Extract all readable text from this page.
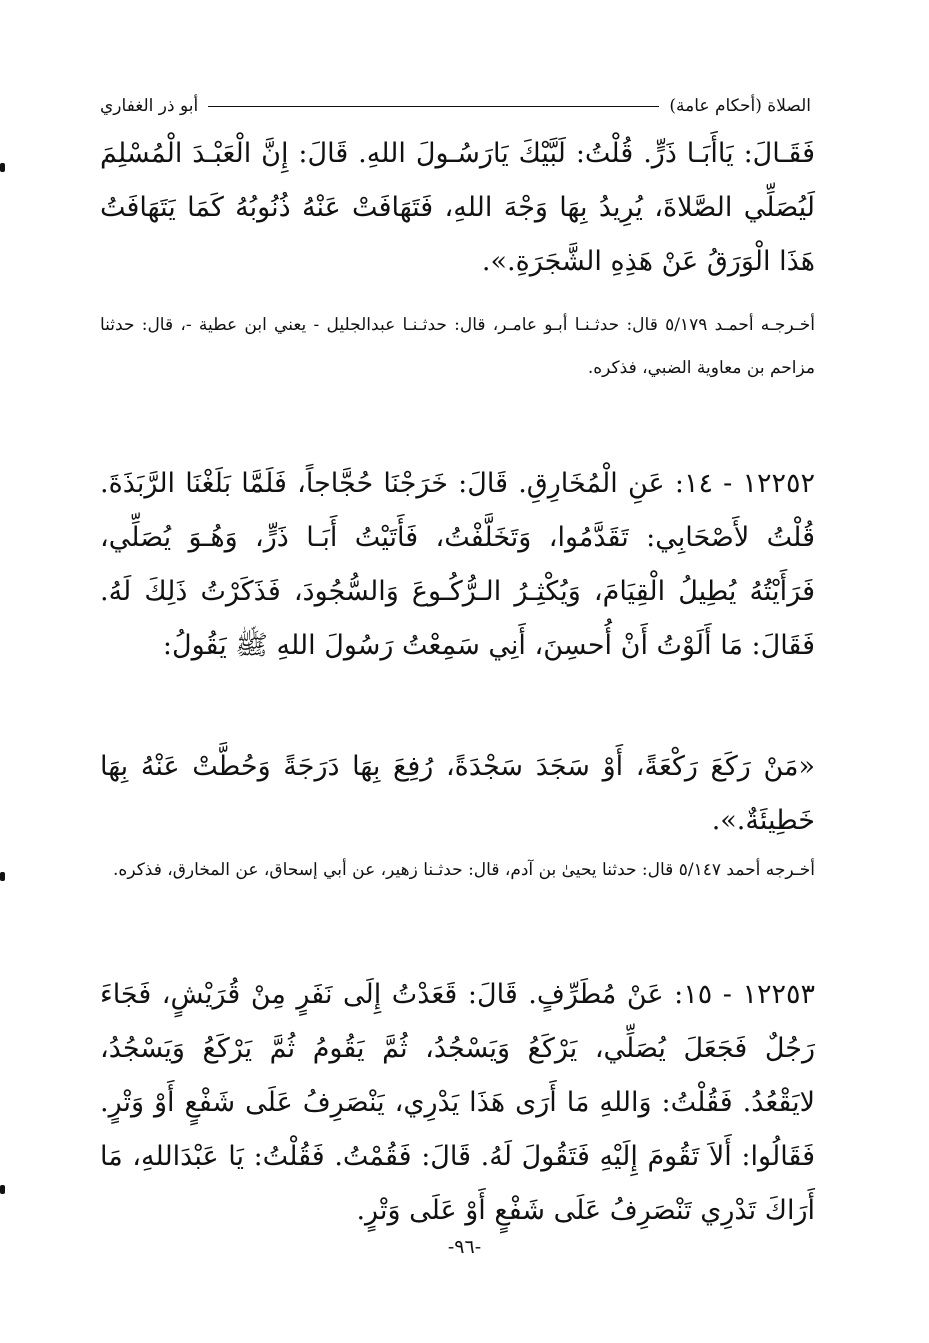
الصلاة (أحكام عامة)
أبو ذر الغفاري

فَقَـالَ: يَاأَبَـا ذَرٍّ. قُلْتُ: لَبَّيْكَ يَارَسُـولَ اللهِ. قَالَ: إِنَّ الْعَبْـدَ الْمُسْلِمَ لَيُصَلِّي الصَّلاةَ، يُرِيدُ بِهَا وَجْهَ اللهِ، فَتَهَافَتْ عَنْهُ ذُنُوبُهُ كَمَا يَتَهَافَتُ هَذَا الْوَرَقُ عَنْ هَذِهِ الشَّجَرَةِ.».

أخـرجـه أحمـد ٥/١٧٩ قال: حدثـنـا أبـو عامـر، قال: حدثـنـا عبدالجليل - يعني ابن عطية -، قال: حدثنا مزاحم بن معاوية الضبي، فذكره.

١٢٢٥٢ - ١٤: عَنِ الْمُخَارِقِ. قَالَ: خَرَجْنَا حُجَّاجاً، فَلَمَّا بَلَغْنَا الرَّبَذَةَ. قُلْتُ لأَصْحَابِي: تَقَدَّمُوا، وَتَخَلَّفْتُ، فَأَتَيْتُ أَبَـا ذَرٍّ، وَهُـوَ يُصَلِّي، فَرَأَيْتُهُ يُطِيلُ الْقِيَامَ، وَيُكْثِـرُ الـرُّكُـوعَ وَالسُّجُودَ، فَذَكَرْتُ ذَلِكَ لَهُ. فَقَالَ: مَا أَلَوْتُ أَنْ أُحسِنَ، أَنِي سَمِعْتُ رَسُولَ اللهِ ﷺ يَقُولُ:

«مَنْ رَكَعَ رَكْعَةً، أَوْ سَجَدَ سَجْدَةً، رُفِعَ بِهَا دَرَجَةً وَحُطَّتْ عَنْهُ بِهَا خَطِيئَةٌ.».

أخـرجه أحمد ٥/١٤٧ قال: حدثنا يحيىٰ بن آدم، قال: حدثـنا زهير، عن أبي إسحاق، عن المخارق، فذكره.

١٢٢٥٣ - ١٥: عَنْ مُطَرِّفٍ. قَالَ: قَعَدْتُ إِلَى نَفَرٍ مِنْ قُرَيْشٍ، فَجَاءَ رَجُلٌ فَجَعَلَ يُصَلِّي، يَرْكَعُ وَيَسْجُدُ، ثُمَّ يَقُومُ ثُمَّ يَرْكَعُ وَيَسْجُدُ، لايَقْعُدُ. فَقُلْتُ: وَاللهِ مَا أَرَى هَذَا يَدْرِي، يَنْصَرِفُ عَلَى شَفْعٍ أَوْ وَتْرٍ. فَقَالُوا: أَلاَ تَقُومَ إِلَيْهِ فَتَقُولَ لَهُ. قَالَ: فَقُمْتُ. فَقُلْتُ: يَا عَبْدَاللهِ، مَا أَرَاكَ تَدْرِي تَنْصَرِفُ عَلَى شَفْعٍ أَوْ عَلَى وَتْرٍ.

-٩٦-
